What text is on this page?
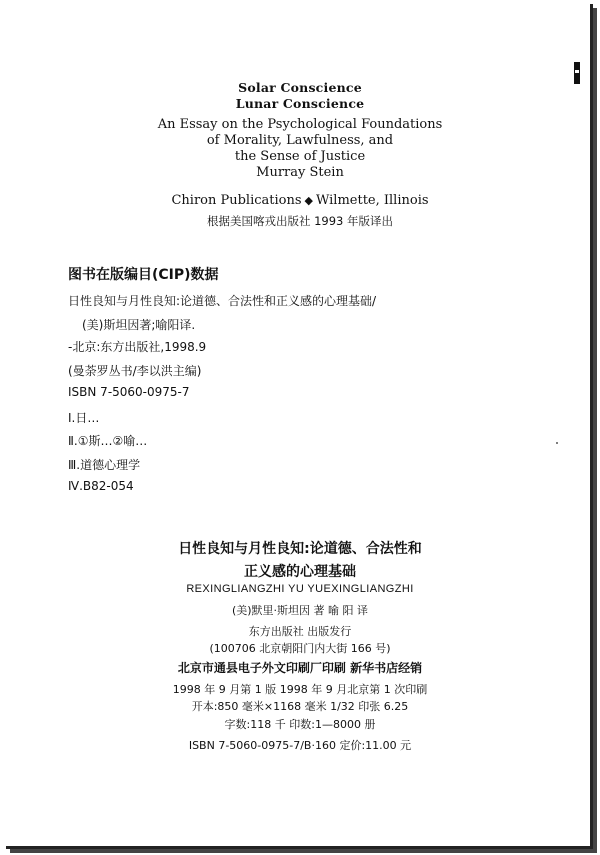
Solar Conscience
Lunar Conscience
An Essay on the Psychological Foundations
of Morality, Lawfulness, and
the Sense of Justice
Murray Stein
Chiron Publications ◆ Wilmette, Illinois
根据美国喀戎出版社 1993 年版译出
图书在版编目(CIP)数据
日性良知与月性良知:论道德、合法性和正义感的心理基础/
(美)斯坦因著;喻阳译.
-北京:东方出版社,1998.9
(曼荼罗丛书/李以洪主编)
ISBN 7-5060-0975-7
Ⅰ.日…
Ⅱ.①斯…②喻…
Ⅲ.道德心理学
Ⅳ.B82-054
日性良知与月性良知:论道德、合法性和
正义感的心理基础
REXINGLIANGZHI YU YUEXINGLIANGZHI
(美)默里·斯坦因 著 喻 阳 译
东方出版社 出版发行
(100706 北京朝阳门内大街 166 号)
北京市通县电子外文印刷厂印刷 新华书店经销
1998 年 9 月第 1 版 1998 年 9 月北京第 1 次印刷
开本:850 毫米×1168 毫米 1/32 印张 6.25
字数:118 千 印数:1—8000 册
ISBN 7-5060-0975-7/B·160 定价:11.00 元
